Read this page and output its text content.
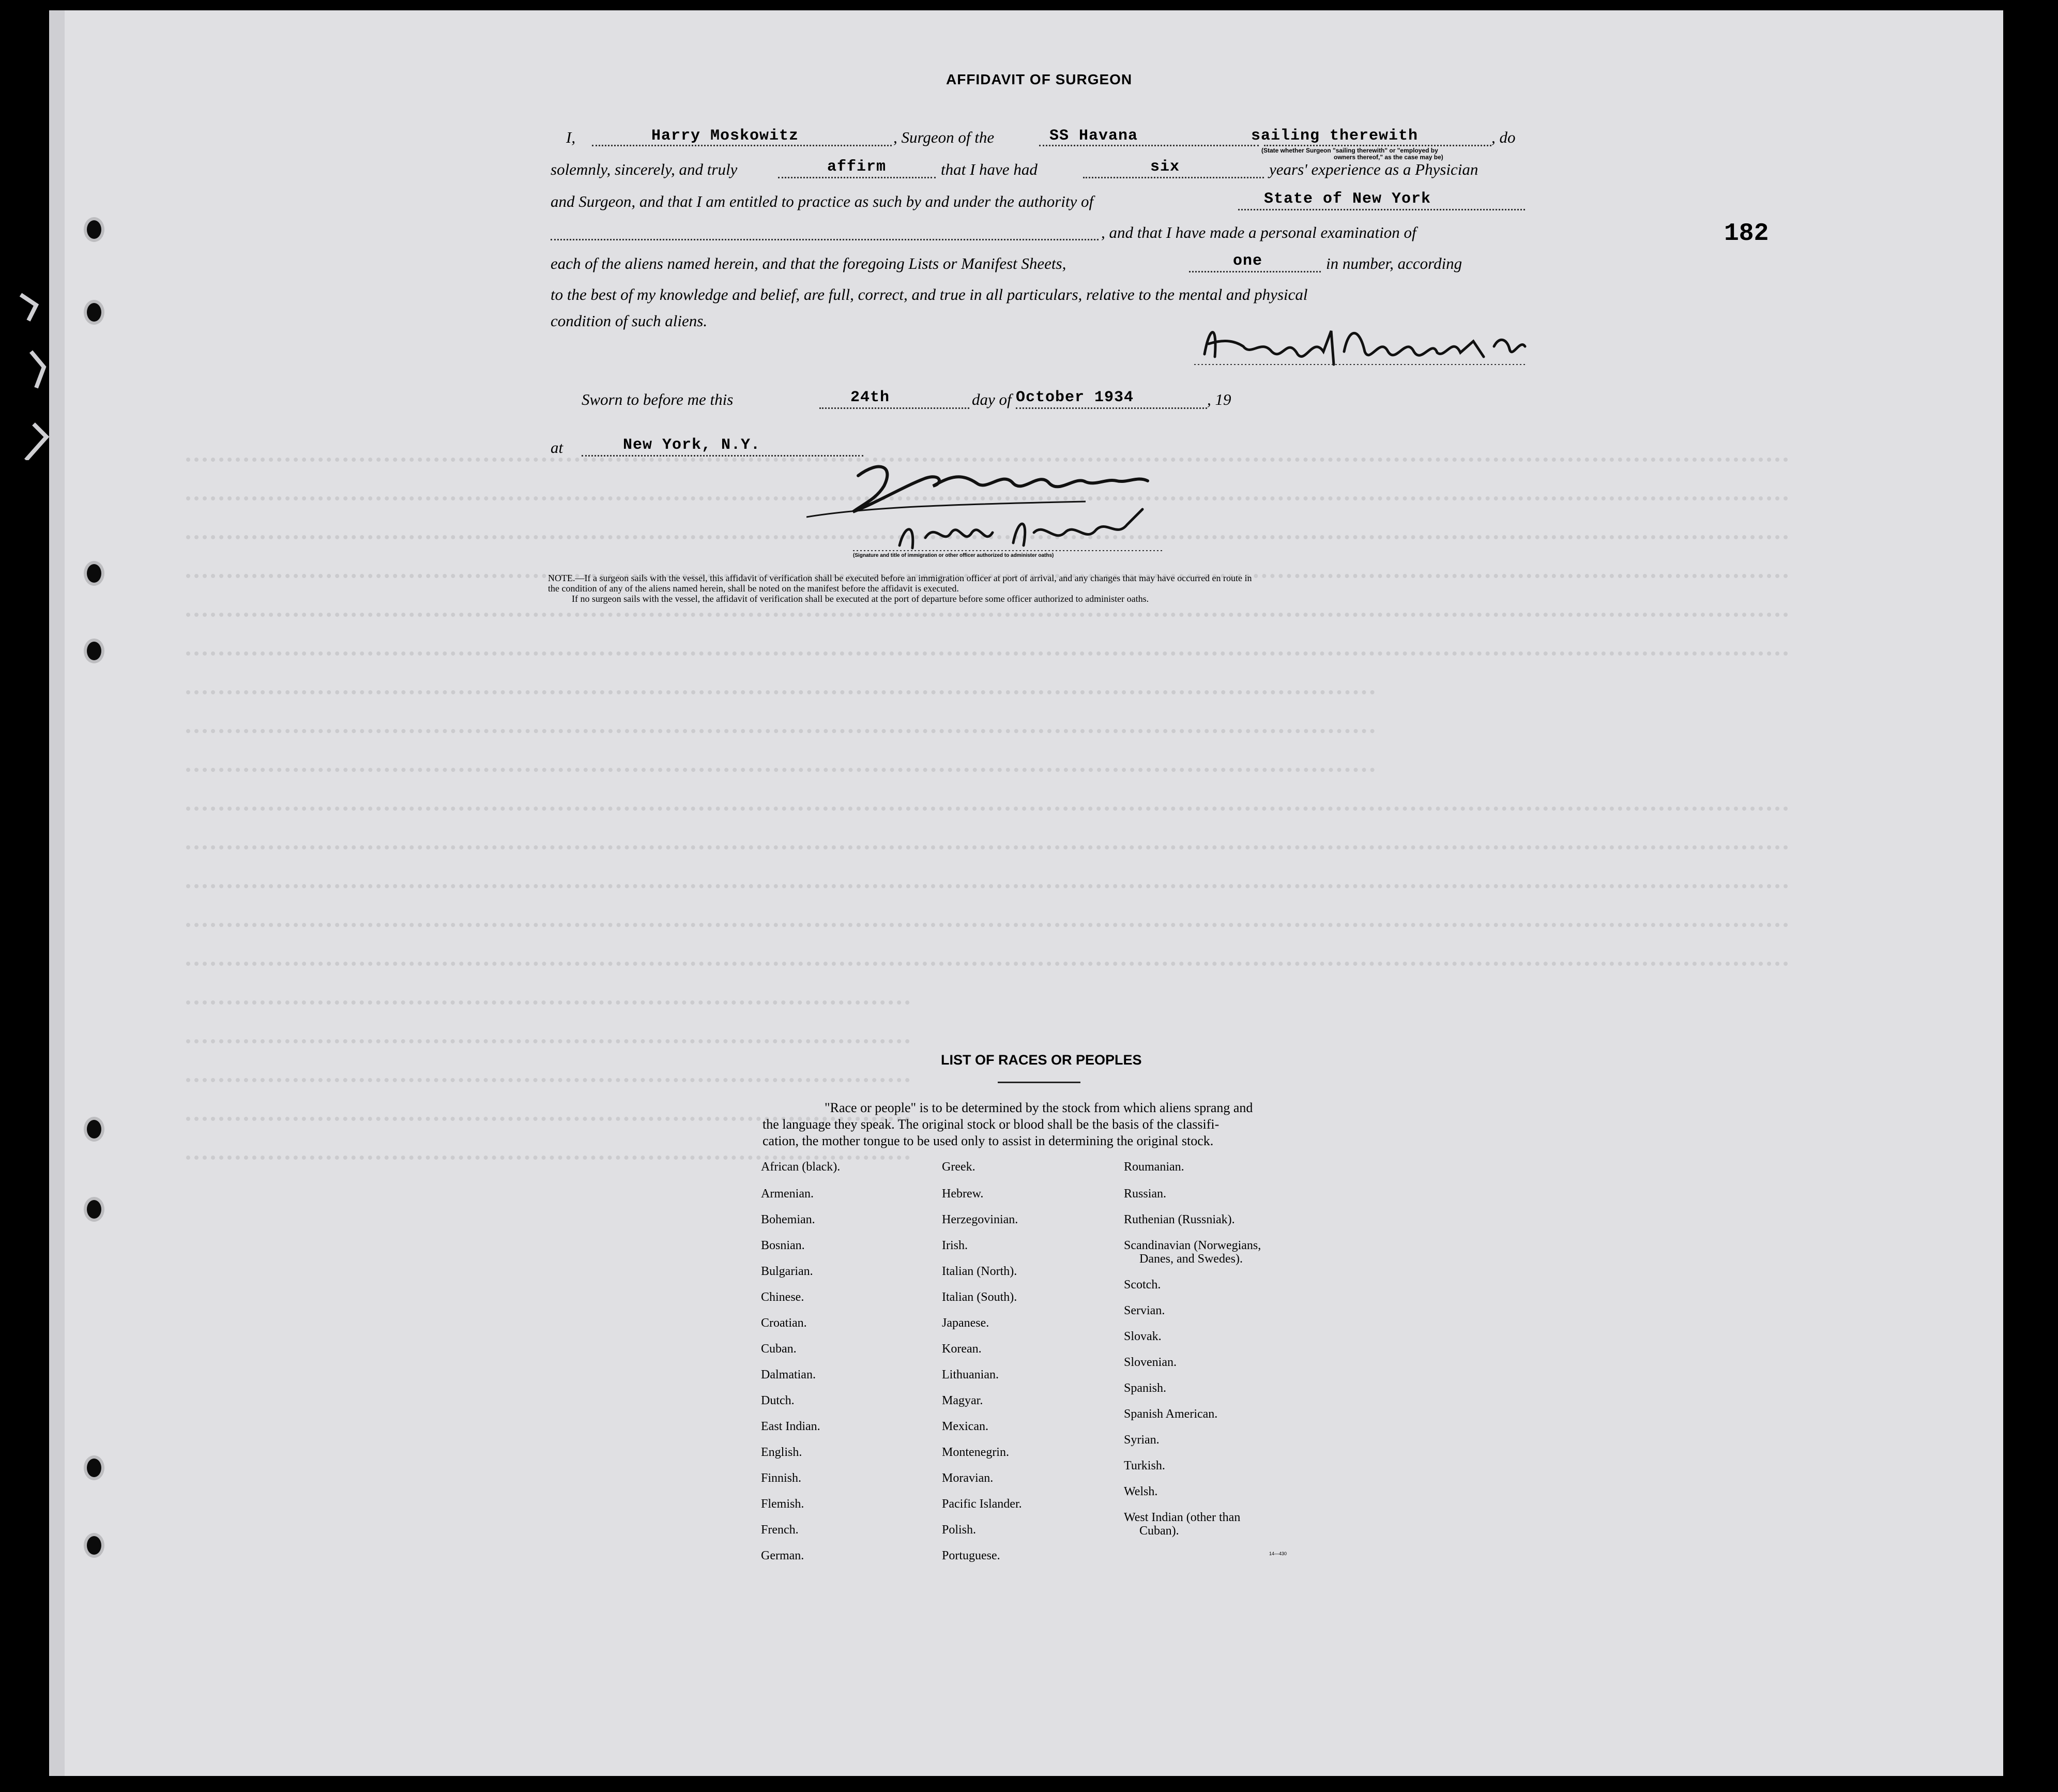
AFFIDAVIT OF SURGEON
182
I,	Harry Moskowitz	, Surgeon of the	SS Havana	sailing therewith	, do
(State whether Surgeon "sailing therewith" or "employed by
owners thereof," as the case may be)
solemnly, sincerely, and truly	affirm	that I have had	six	years' experience as a Physician
and Surgeon, and that I am entitled to practice as such by and under the authority of	State of New York
, and that I have made a personal examination of
each of the aliens named herein, and that the foregoing Lists or Manifest Sheets,	one	in number, according
to the best of my knowledge and belief, are full, correct, and true in all particulars, relative to the mental and physical
condition of such aliens.
Sworn to before me this	24th	day of October 1934	, 19
at	New York, N.Y.
(Signature and title of immigration or other officer authorized to administer oaths)
NOTE.—If a surgeon sails with the vessel, this affidavit of verification shall be executed before an immigration officer at port of arrival, and any changes that may have occurred en route in
the condition of any of the aliens named herein, shall be noted on the manifest before the affidavit is executed.
If no surgeon sails with the vessel, the affidavit of verification shall be executed at the port of departure before some officer authorized to administer oaths.
LIST OF RACES OR PEOPLES
"Race or people" is to be determined by the stock from which aliens sprang and
the language they speak. The original stock or blood shall be the basis of the classifi-
cation, the mother tongue to be used only to assist in determining the original stock.
African (black).
Armenian.
Bohemian.
Bosnian.
Bulgarian.
Chinese.
Croatian.
Cuban.
Dalmatian.
Dutch.
East Indian.
English.
Finnish.
Flemish.
French.
German.
Greek.
Hebrew.
Herzegovinian.
Irish.
Italian (North).
Italian (South).
Japanese.
Korean.
Lithuanian.
Magyar.
Mexican.
Montenegrin.
Moravian.
Pacific Islander.
Polish.
Portuguese.
Roumanian.
Russian.
Ruthenian (Russniak).
Scandinavian (Norwegians,
Danes, and Swedes).
Scotch.
Servian.
Slovak.
Slovenian.
Spanish.
Spanish American.
Syrian.
Turkish.
Welsh.
West Indian (other than
Cuban).
14—430
